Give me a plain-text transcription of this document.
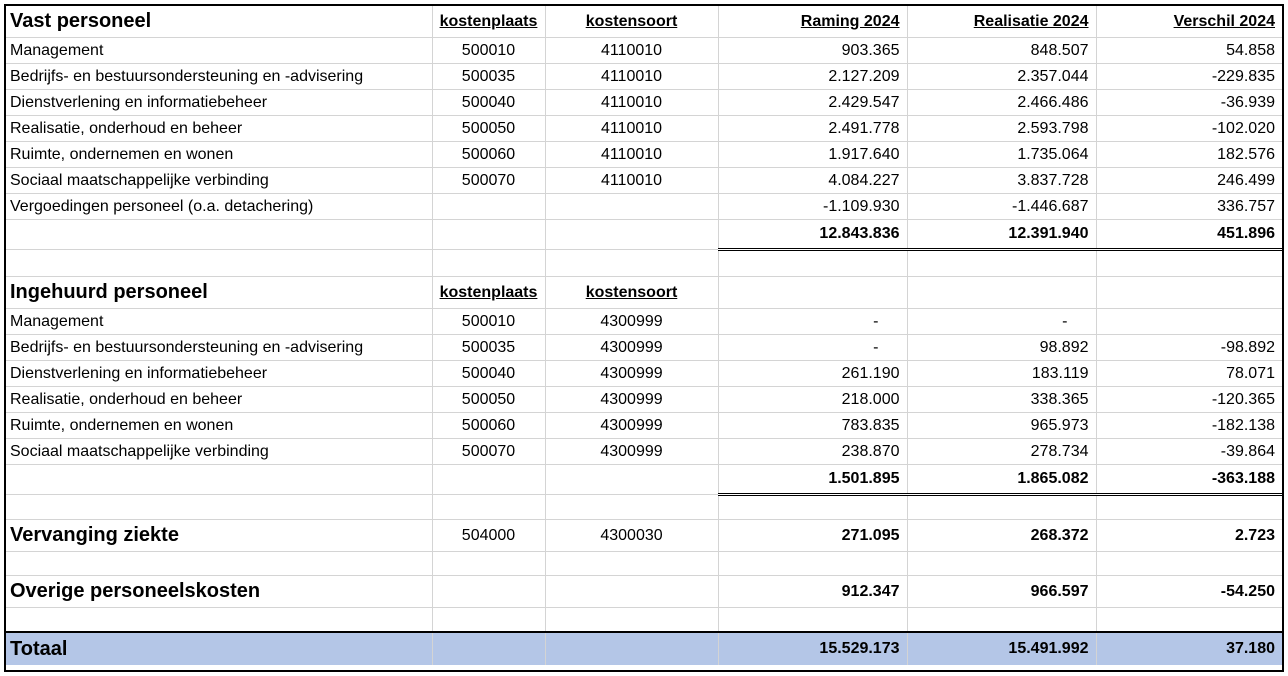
Vast personeel	kostenplaats	kostensoort	Raming 2024	Realisatie 2024	Verschil 2024
Management	500010	4110010	903.365	848.507	54.858
Bedrijfs- en bestuursondersteuning en -advisering	500035	4110010	2.127.209	2.357.044	-229.835
Dienstverlening en informatiebeheer	500040	4110010	2.429.547	2.466.486	-36.939
Realisatie, onderhoud en beheer	500050	4110010	2.491.778	2.593.798	-102.020
Ruimte, ondernemen en wonen	500060	4110010	1.917.640	1.735.064	182.576
Sociaal maatschappelijke verbinding	500070	4110010	4.084.227	3.837.728	246.499
Vergoedingen personeel (o.a. detachering)			-1.109.930	-1.446.687	336.757
			12.843.836	12.391.940	451.896

Ingehuurd personeel	kostenplaats	kostensoort			
Management	500010	4300999	-	-	
Bedrijfs- en bestuursondersteuning en -advisering	500035	4300999	-	98.892	-98.892
Dienstverlening en informatiebeheer	500040	4300999	261.190	183.119	78.071
Realisatie, onderhoud en beheer	500050	4300999	218.000	338.365	-120.365
Ruimte, ondernemen en wonen	500060	4300999	783.835	965.973	-182.138
Sociaal maatschappelijke verbinding	500070	4300999	238.870	278.734	-39.864
			1.501.895	1.865.082	-363.188

Vervanging ziekte	504000	4300030	271.095	268.372	2.723

Overige personeelskosten			912.347	966.597	-54.250

Totaal			15.529.173	15.491.992	37.180
